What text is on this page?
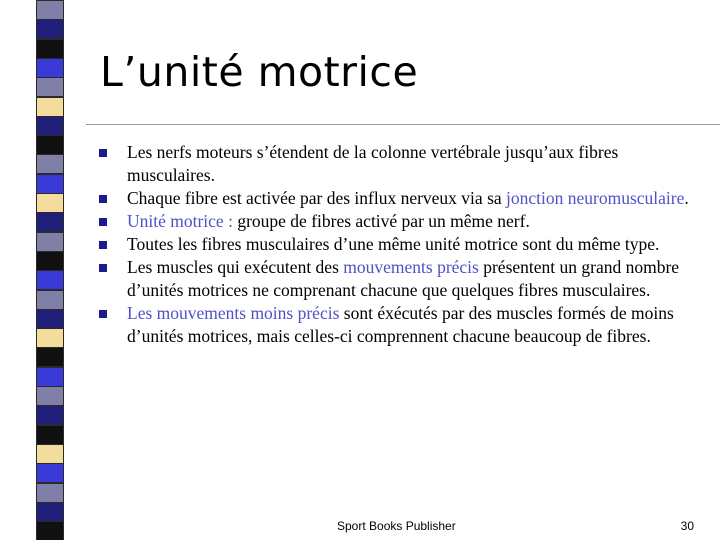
L’unité motrice
Les nerfs moteurs s’étendent de la colonne vertébrale jusqu’aux fibres musculaires.
Chaque fibre est activée par des influx nerveux via sa jonction neuromusculaire.
Unité motrice : groupe de fibres activé par un même nerf.
Toutes les fibres musculaires d’une même unité motrice sont du même type.
Les muscles qui exécutent des mouvements précis présentent un grand nombre d’unités motrices ne comprenant chacune que quelques fibres musculaires.
Les mouvements moins précis sont éxécutés par des muscles formés de moins d’unités motrices, mais celles-ci comprennent chacune beaucoup de fibres.
Sport Books Publisher	30
